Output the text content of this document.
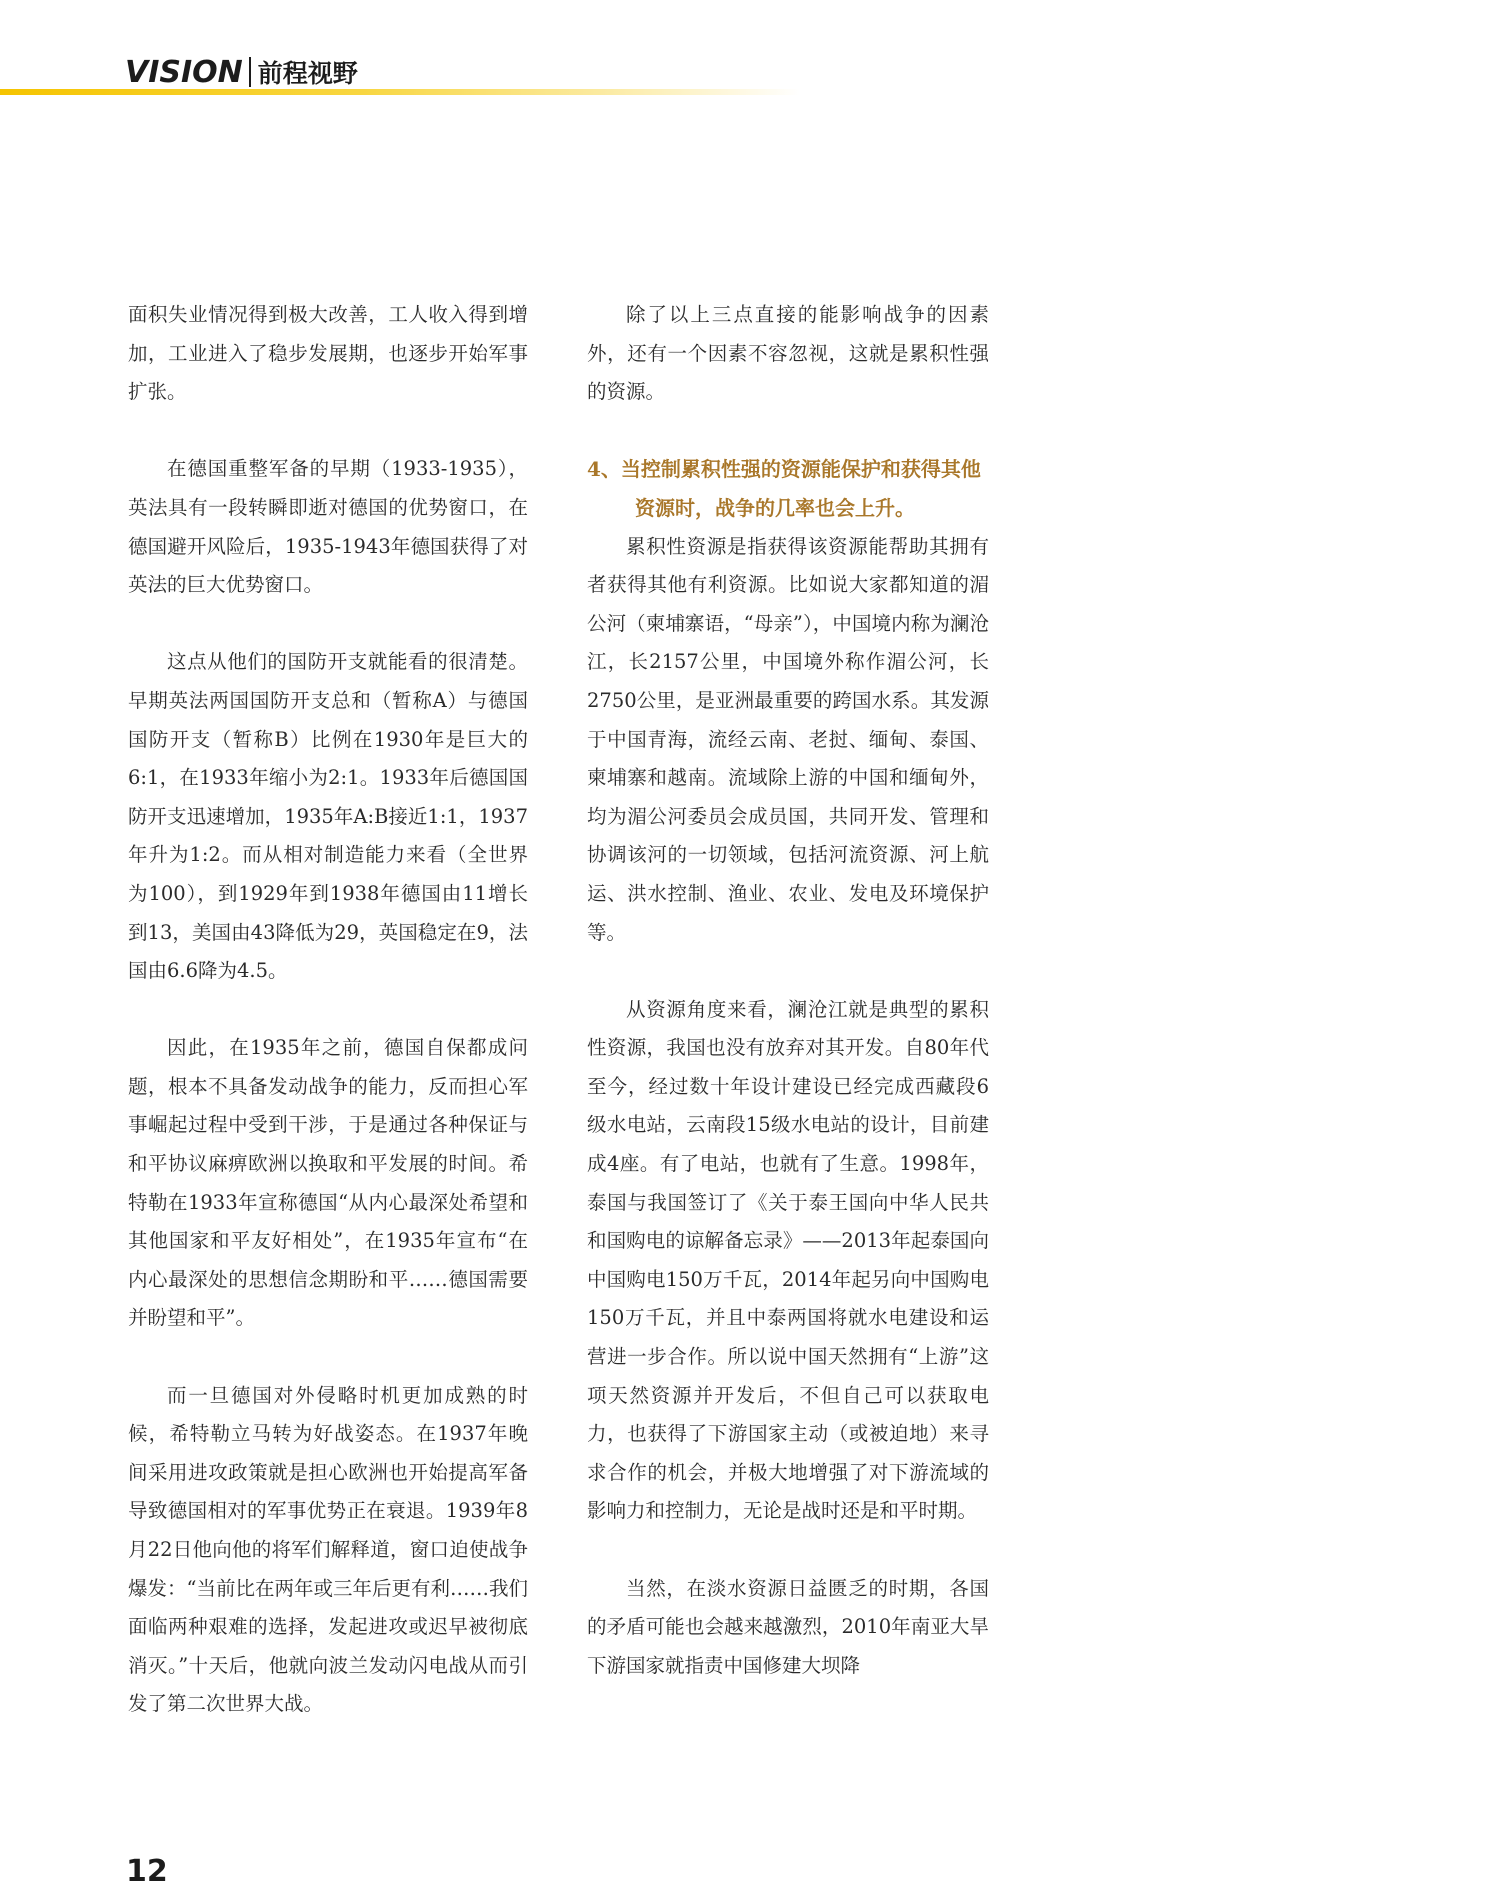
VISION 前程视野

面积失业情况得到极大改善，工人收入得到增加，工业进入了稳步发展期，也逐步开始军事扩张。

在德国重整军备的早期（1933-1935），英法具有一段转瞬即逝对德国的优势窗口，在德国避开风险后，1935-1943年德国获得了对英法的巨大优势窗口。

这点从他们的国防开支就能看的很清楚。早期英法两国国防开支总和（暂称A）与德国国防开支（暂称B）比例在1930年是巨大的6:1，在1933年缩小为2:1。1933年后德国国防开支迅速增加，1935年A:B接近1:1，1937年升为1:2。而从相对制造能力来看（全世界为100），到1929年到1938年德国由11增长到13，美国由43降低为29，英国稳定在9，法国由6.6降为4.5。

因此，在1935年之前，德国自保都成问题，根本不具备发动战争的能力，反而担心军事崛起过程中受到干涉，于是通过各种保证与和平协议麻痹欧洲以换取和平发展的时间。希特勒在1933年宣称德国“从内心最深处希望和其他国家和平友好相处”，在1935年宣布“在内心最深处的思想信念期盼和平……德国需要并盼望和平”。

而一旦德国对外侵略时机更加成熟的时候，希特勒立马转为好战姿态。在1937年晚间采用进攻政策就是担心欧洲也开始提高军备导致德国相对的军事优势正在衰退。1939年8月22日他向他的将军们解释道，窗口迫使战争爆发：“当前比在两年或三年后更有利……我们面临两种艰难的选择，发起进攻或迟早被彻底消灭。”十天后，他就向波兰发动闪电战从而引发了第二次世界大战。

除了以上三点直接的能影响战争的因素外，还有一个因素不容忽视，这就是累积性强的资源。

4、当控制累积性强的资源能保护和获得其他资源时，战争的几率也会上升。

累积性资源是指获得该资源能帮助其拥有者获得其他有利资源。比如说大家都知道的湄公河（柬埔寨语，“母亲”），中国境内称为澜沧江，长2157公里，中国境外称作湄公河，长2750公里，是亚洲最重要的跨国水系。其发源于中国青海，流经云南、老挝、缅甸、泰国、柬埔寨和越南。流域除上游的中国和缅甸外，均为湄公河委员会成员国，共同开发、管理和协调该河的一切领域，包括河流资源、河上航运、洪水控制、渔业、农业、发电及环境保护等。

从资源角度来看，澜沧江就是典型的累积性资源，我国也没有放弃对其开发。自80年代至今，经过数十年设计建设已经完成西藏段6级水电站，云南段15级水电站的设计，目前建成4座。有了电站，也就有了生意。1998年，泰国与我国签订了《关于泰王国向中华人民共和国购电的谅解备忘录》——2013年起泰国向中国购电150万千瓦，2014年起另向中国购电150万千瓦，并且中泰两国将就水电建设和运营进一步合作。所以说中国天然拥有“上游”这项天然资源并开发后，不但自己可以获取电力，也获得了下游国家主动（或被迫地）来寻求合作的机会，并极大地增强了对下游流域的影响力和控制力，无论是战时还是和平时期。

当然，在淡水资源日益匮乏的时期，各国的矛盾可能也会越来越激烈，2010年南亚大旱下游国家就指责中国修建大坝降

12
